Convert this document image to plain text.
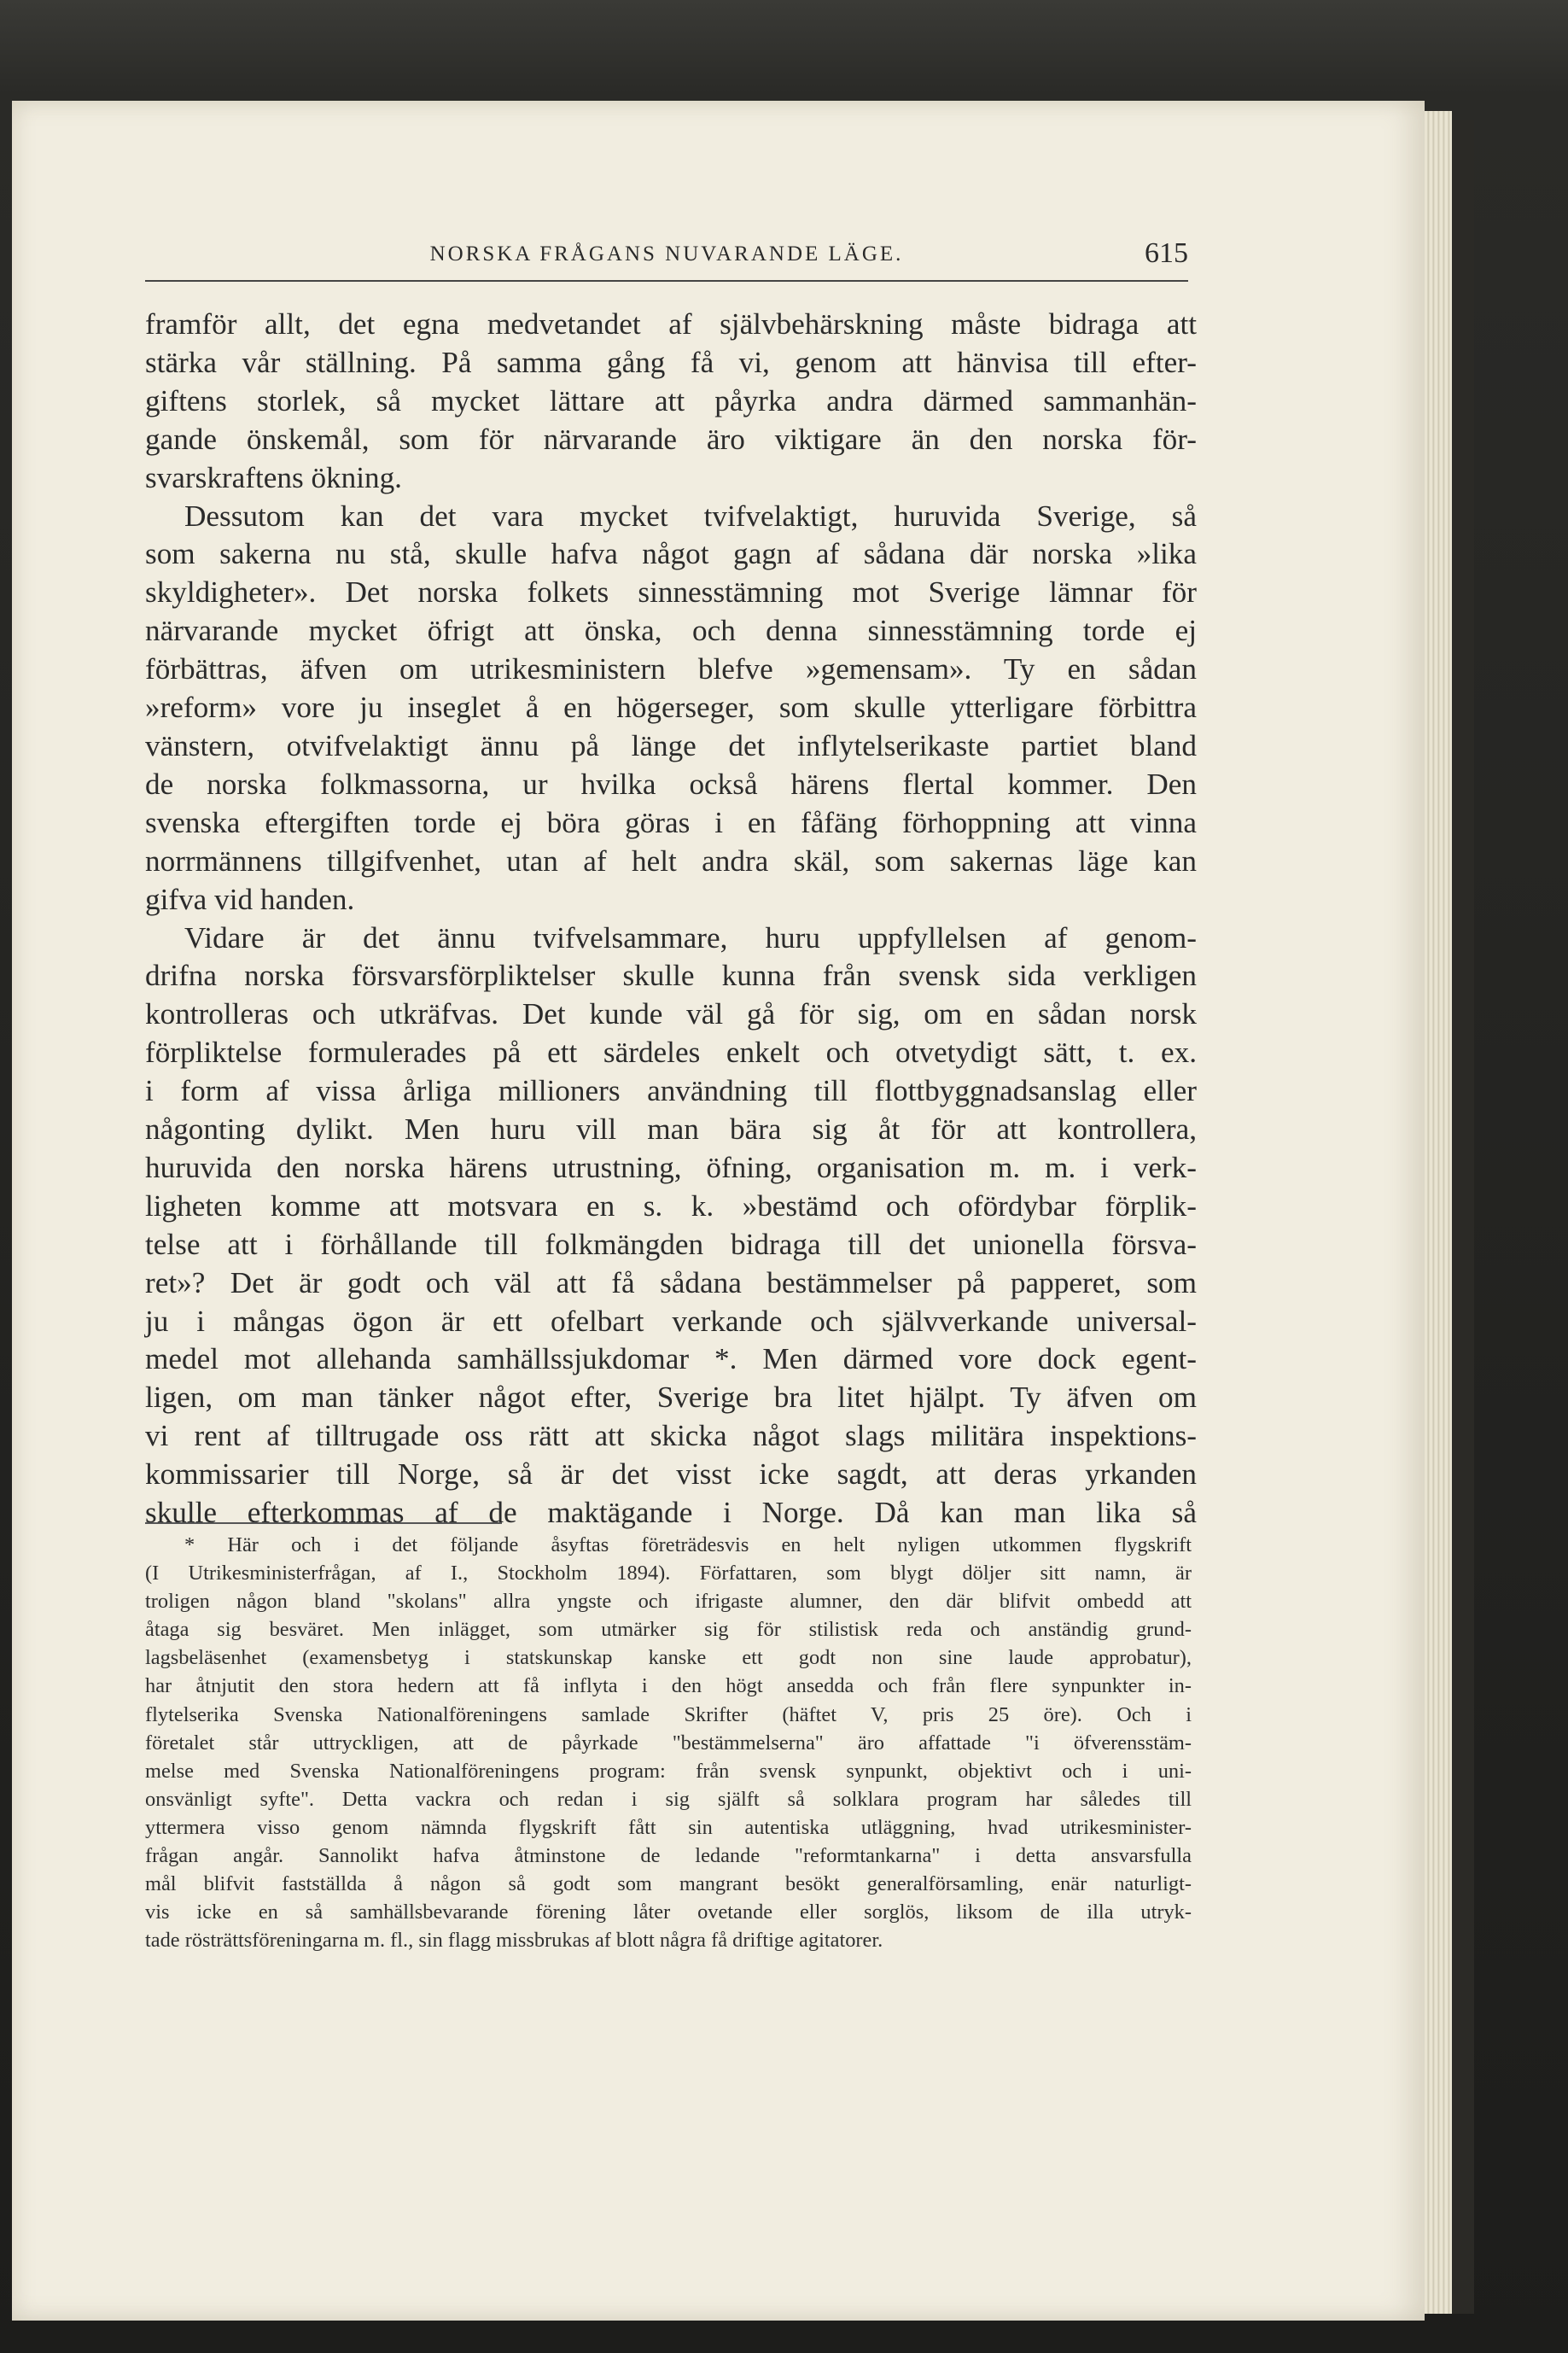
NORSKA FRÅGANS NUVARANDE LÄGE.	615

framför allt, det egna medvetandet af självbehärskning måste bidraga att

stärka vår ställning. På samma gång få vi, genom att hänvisa till efter-

giftens storlek, så mycket lättare att påyrka andra därmed sammanhän-

gande önskemål, som för närvarande äro viktigare än den norska för-

svarskraftens ökning.

Dessutom kan det vara mycket tvifvelaktigt, huruvida Sverige, så

som sakerna nu stå, skulle hafva något gagn af sådana där norska »lika

skyldigheter». Det norska folkets sinnesstämning mot Sverige lämnar för

närvarande mycket öfrigt att önska, och denna sinnesstämning torde ej

förbättras, äfven om utrikesministern blefve »gemensam». Ty en sådan

»reform» vore ju inseglet å en högerseger, som skulle ytterligare förbittra

vänstern, otvifvelaktigt ännu på länge det inflytelserikaste partiet bland

de norska folkmassorna, ur hvilka också härens flertal kommer. Den

svenska eftergiften torde ej böra göras i en fåfäng förhoppning att vinna

norrmännens tillgifvenhet, utan af helt andra skäl, som sakernas läge kan

gifva vid handen.

Vidare är det ännu tvifvelsammare, huru uppfyllelsen af genom-

drifna norska försvarsförpliktelser skulle kunna från svensk sida verkligen

kontrolleras och utkräfvas. Det kunde väl gå för sig, om en sådan norsk

förpliktelse formulerades på ett särdeles enkelt och otvetydigt sätt, t. ex.

i form af vissa årliga millioners användning till flottbyggnadsanslag eller

någonting dylikt. Men huru vill man bära sig åt för att kontrollera,

huruvida den norska härens utrustning, öfning, organisation m. m. i verk-

ligheten komme att motsvara en s. k. »bestämd och ofördybar förplik-

telse att i förhållande till folkmängden bidraga till det unionella försva-

ret»? Det är godt och väl att få sådana bestämmelser på papperet, som

ju i mångas ögon är ett ofelbart verkande och självverkande universal-

medel mot allehanda samhällssjukdomar *. Men därmed vore dock egent-

ligen, om man tänker något efter, Sverige bra litet hjälpt. Ty äfven om

vi rent af tilltrugade oss rätt att skicka något slags militära inspektions-

kommissarier till Norge, så är det visst icke sagdt, att deras yrkanden

skulle efterkommas af de maktägande i Norge. Då kan man lika så

* Här och i det följande åsyftas företrädesvis en helt nyligen utkommen flygskrift

(I Utrikesministerfrågan, af I., Stockholm 1894). Författaren, som blygt döljer sitt namn, är

troligen någon bland "skolans" allra yngste och ifrigaste alumner, den där blifvit ombedd att

åtaga sig besväret. Men inlägget, som utmärker sig för stilistisk reda och anständig grund-

lagsbeläsenhet (examensbetyg i statskunskap kanske ett godt non sine laude approbatur),

har åtnjutit den stora hedern att få inflyta i den högt ansedda och från flere synpunkter in-

flytelserika Svenska Nationalföreningens samlade Skrifter (häftet V, pris 25 öre). Och i

företalet står uttryckligen, att de påyrkade "bestämmelserna" äro affattade "i öfverensstäm-

melse med Svenska Nationalföreningens program: från svensk synpunkt, objektivt och i uni-

onsvänligt syfte". Detta vackra och redan i sig själft så solklara program har således till

yttermera visso genom nämnda flygskrift fått sin autentiska utläggning, hvad utrikesminister-

frågan angår. Sannolikt hafva åtminstone de ledande "reformtankarna" i detta ansvarsfulla

mål blifvit fastställda å någon så godt som mangrant besökt generalförsamling, enär naturligt-

vis icke en så samhällsbevarande förening låter ovetande eller sorglös, liksom de illa utryk-

tade rösträttsföreningarna m. fl., sin flagg missbrukas af blott några få driftige agitatorer.
